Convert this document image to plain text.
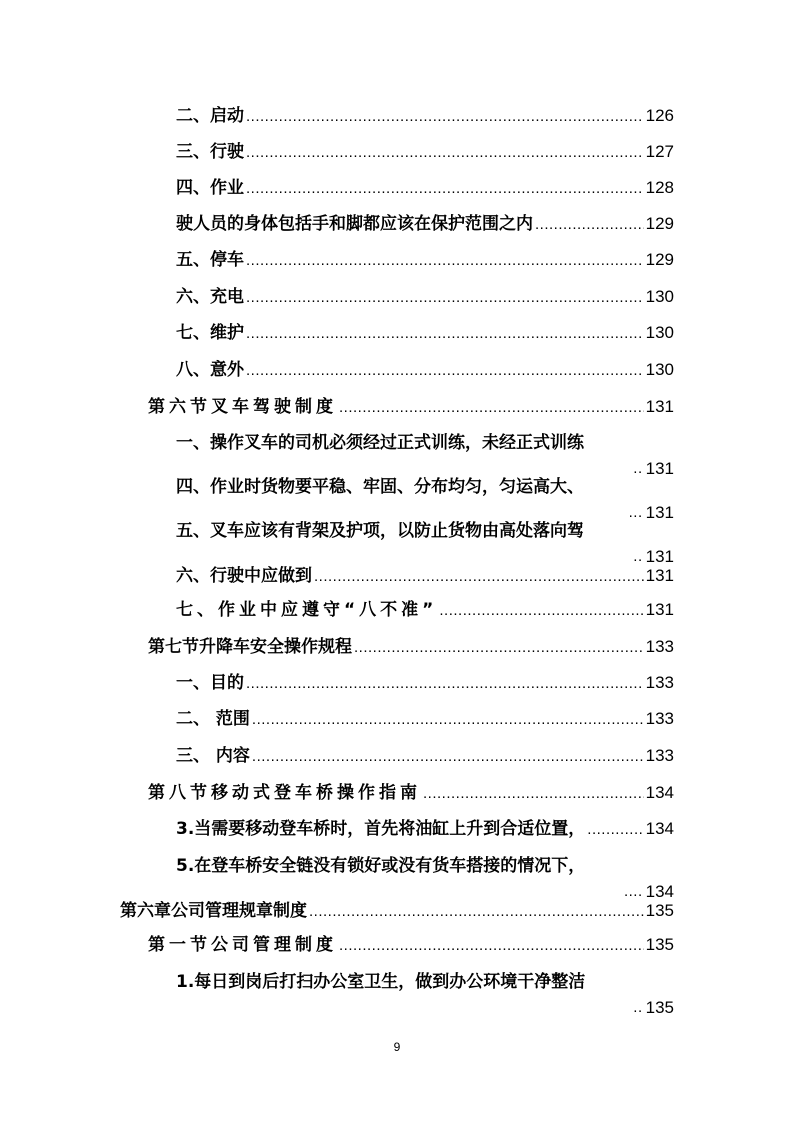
二、启动 .....	126
三、行驶 .....	127
四、作业 .....	128
驶人员的身体包括手和脚都应该在保护范围之内 .....	129
五、停车 .....	129
六、充电 .....	130
七、维护 .....	130
八、意外 .....	130
第六节叉车驾驶制度 .....	131
一、操作叉车的司机必须经过正式训练，未经正式训练
.. 131
四、作业时货物要平稳、牢固、分布均匀，匀运高大、
... 131
五、叉车应该有背架及护项，以防止货物由高处落向驾
.. 131
六、行驶中应做到 .....	131
七、作业中应遵守“八不准” .....	131
第七节升降车安全操作规程 .....	133
一、目的 .....	133
二、 范围 .....	133
三、 内容 .....	133
第八节移动式登车桥操作指南 .....	134
3.当需要移动登车桥时，首先将油缸上升到合适位置， .....	134
5.在登车桥安全链没有锁好或没有货车搭接的情况下，
.... 134
第六章公司管理规章制度 .....	135
第一节公司管理制度 .....	135
1.每日到岗后打扫办公室卫生，做到办公环境干净整洁
.. 135
9
